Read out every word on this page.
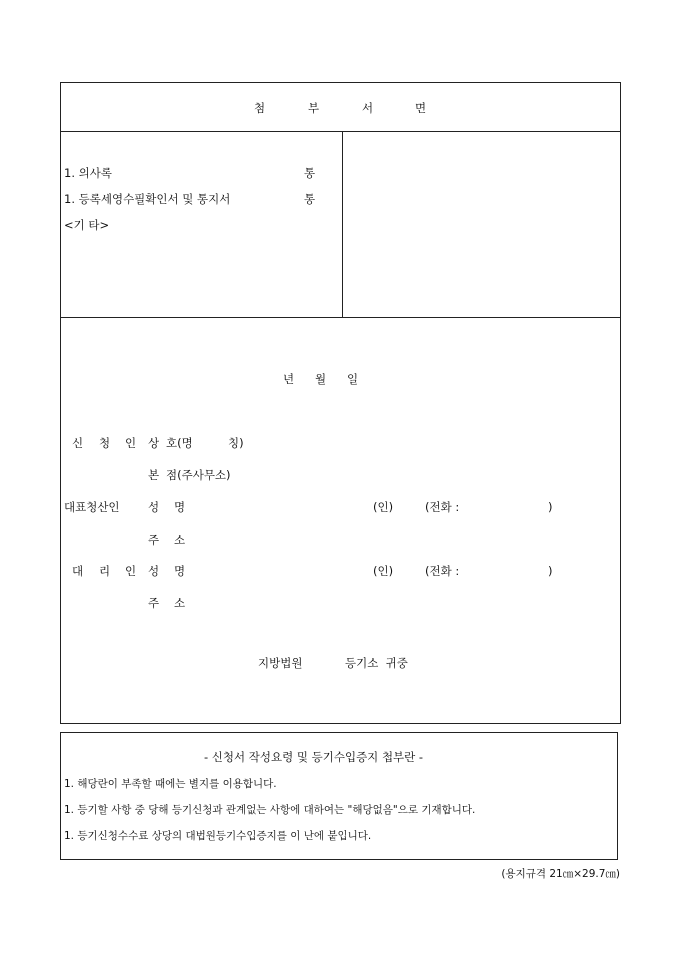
첨	부	서	면
1. 의사록	통
1. 등록세영수필확인서 및 통지서	통
<기 타>
년 월 일
신 청 인 상 호(명	칭)
본 점(주사무소)
대표청산인 성 명	(인)	(전화 :	)
주 소
대 리 인 성 명	(인)	(전화 :	)
주 소
지방법원	등기소  귀중
- 신청서 작성요령 및 등기수입증지 첩부란 -
1. 해당란이 부족할 때에는 별지를 이용합니다.
1. 등기할 사항 중 당해 등기신청과 관계없는 사항에 대하여는 "해당없음"으로 기재합니다.
1. 등기신청수수료 상당의 대법원등기수입증지를 이 난에 붙입니다.
(용지규격 21㎝×29.7㎝)
